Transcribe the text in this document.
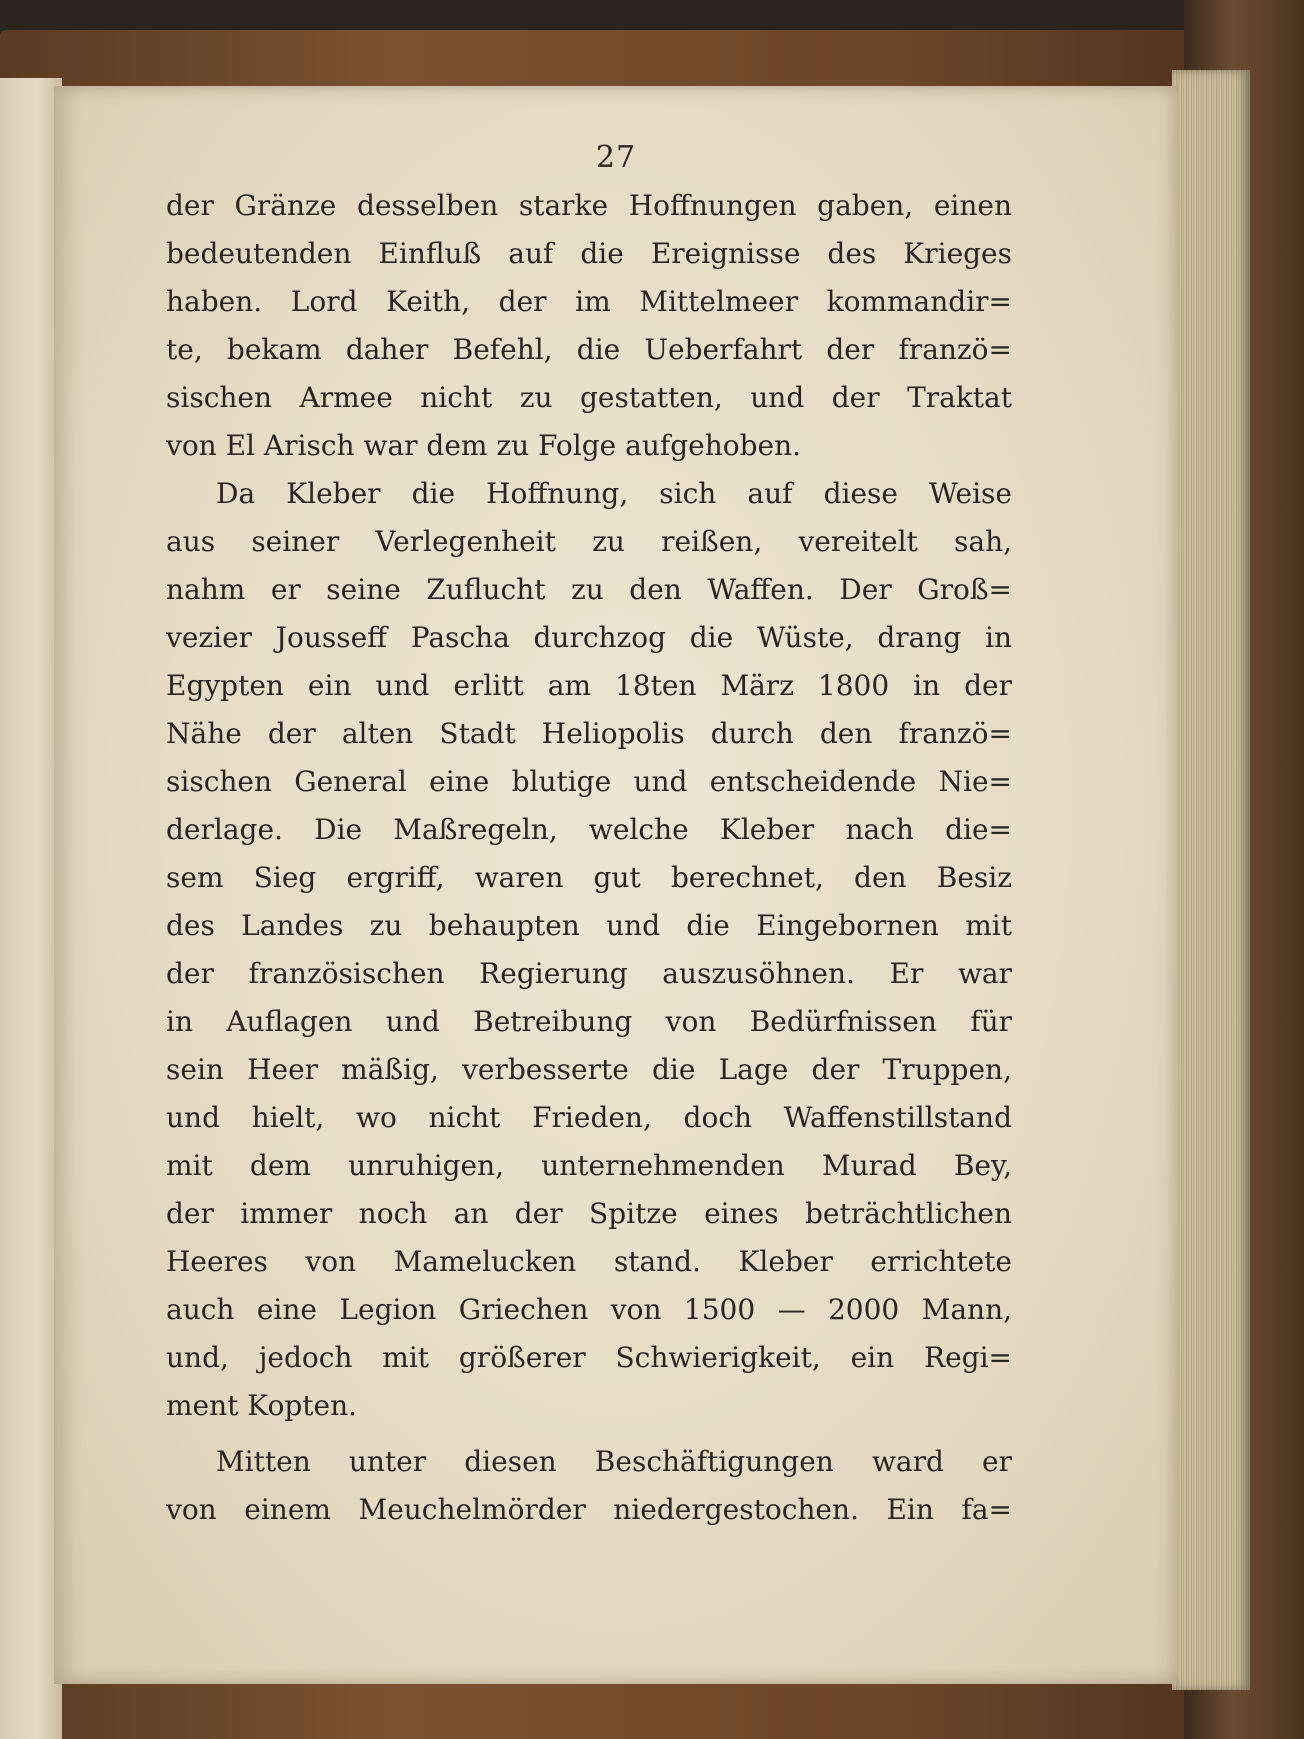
27
der Gränze desselben starke Hoffnungen gaben, einen
bedeutenden Einfluß auf die Ereignisse des Krieges
haben. Lord Keith, der im Mittelmeer kommandir=
te, bekam daher Befehl, die Ueberfahrt der franzö=
sischen Armee nicht zu gestatten, und der Traktat
von El Arisch war dem zu Folge aufgehoben.
Da Kleber die Hoffnung, sich auf diese Weise
aus seiner Verlegenheit zu reißen, vereitelt sah,
nahm er seine Zuflucht zu den Waffen. Der Groß=
vezier Jousseff Pascha durchzog die Wüste, drang in
Egypten ein und erlitt am 18ten März 1800 in der
Nähe der alten Stadt Heliopolis durch den franzö=
sischen General eine blutige und entscheidende Nie=
derlage. Die Maßregeln, welche Kleber nach die=
sem Sieg ergriff, waren gut berechnet, den Besiz
des Landes zu behaupten und die Eingebornen mit
der französischen Regierung auszusöhnen. Er war
in Auflagen und Betreibung von Bedürfnissen für
sein Heer mäßig, verbesserte die Lage der Truppen,
und hielt, wo nicht Frieden, doch Waffenstillstand
mit dem unruhigen, unternehmenden Murad Bey,
der immer noch an der Spitze eines beträchtlichen
Heeres von Mamelucken stand. Kleber errichtete
auch eine Legion Griechen von 1500 — 2000 Mann,
und, jedoch mit größerer Schwierigkeit, ein Regi=
ment Kopten.
Mitten unter diesen Beschäftigungen ward er
von einem Meuchelmörder niedergestochen. Ein fa=
